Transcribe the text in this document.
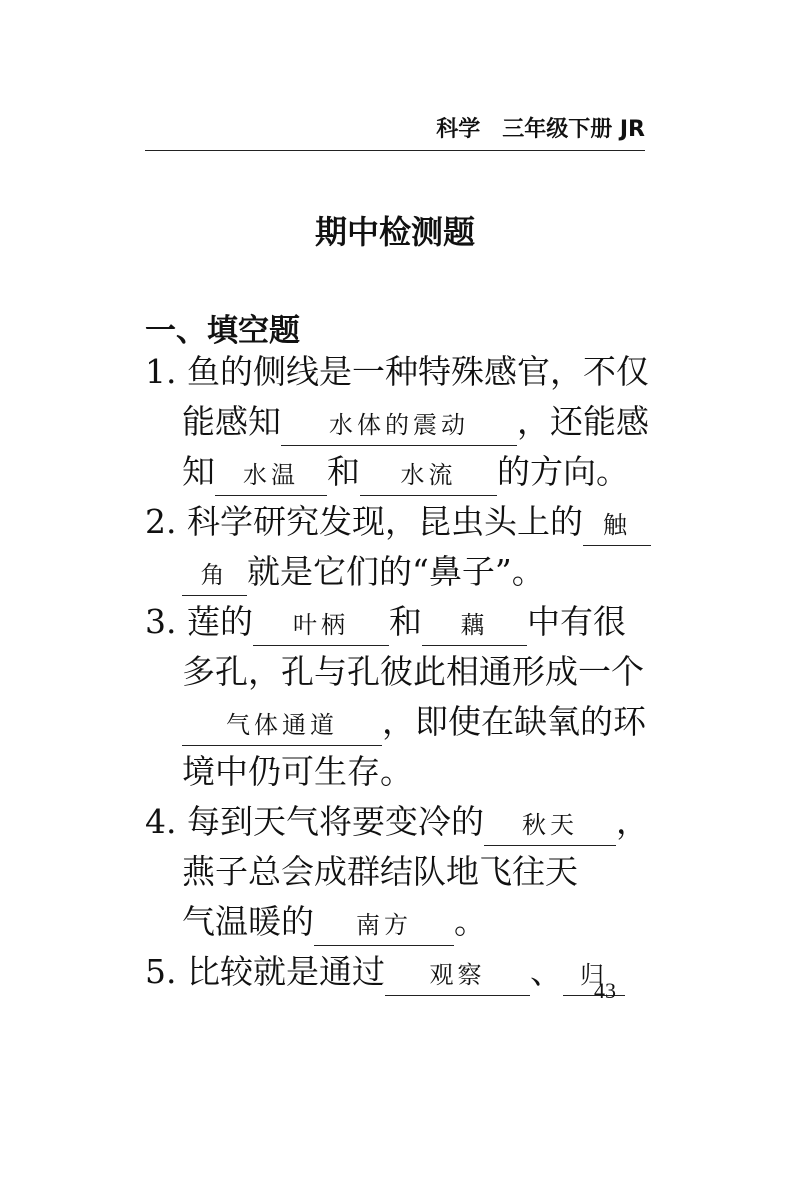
科学　三年级下册 JR
期中检测题
一、填空题
1. 鱼的侧线是一种特殊感官，不仅
能感知 水体的震动 ，还能感
知 水温 和 水流 的方向。
2. 科学研究发现，昆虫头上的 触
角 就是它们的“鼻子”。
3. 莲的 叶柄 和 藕 中有很
多孔，孔与孔彼此相通形成一个
气体通道 ，即使在缺氧的环
境中仍可生存。
4. 每到天气将要变冷的 秋天 ，
燕子总会成群结队地飞往天
气温暖的 南方 。
5. 比较就是通过 观察 、 归
43
